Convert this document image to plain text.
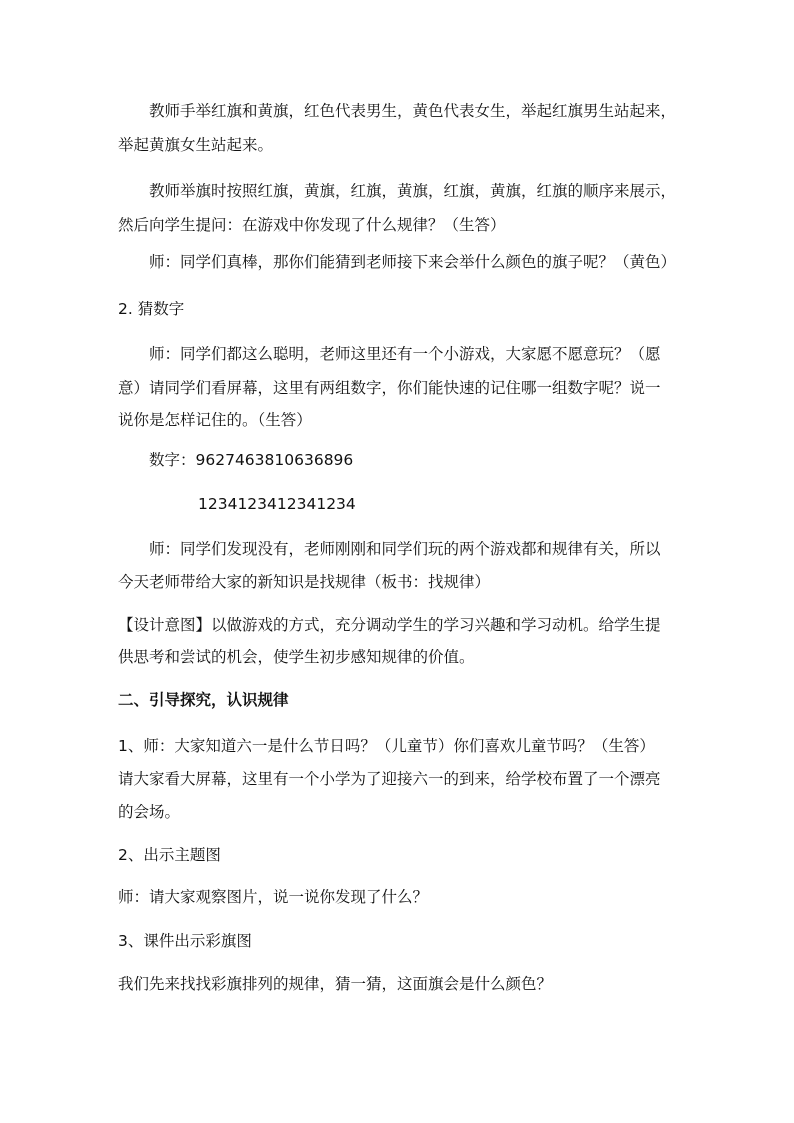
教师手举红旗和黄旗，红色代表男生，黄色代表女生，举起红旗男生站起来，
举起黄旗女生站起来。
教师举旗时按照红旗，黄旗，红旗，黄旗，红旗，黄旗，红旗的顺序来展示，
然后向学生提问：在游戏中你发现了什么规律？（生答）
师：同学们真棒，那你们能猜到老师接下来会举什么颜色的旗子呢？（黄色）
2. 猜数字
师：同学们都这么聪明，老师这里还有一个小游戏，大家愿不愿意玩？（愿
意）请同学们看屏幕，这里有两组数字，你们能快速的记住哪一组数字呢？说一
说你是怎样记住的。（生答）
数字：9627463810636896
1234123412341234
师：同学们发现没有，老师刚刚和同学们玩的两个游戏都和规律有关，所以
今天老师带给大家的新知识是找规律（板书：找规律）
【设计意图】以做游戏的方式，充分调动学生的学习兴趣和学习动机。给学生提
供思考和尝试的机会，使学生初步感知规律的价值。
二、引导探究，认识规律
1、师：大家知道六一是什么节日吗？（儿童节）你们喜欢儿童节吗？（生答）
请大家看大屏幕，这里有一个小学为了迎接六一的到来，给学校布置了一个漂亮
的会场。
2、出示主题图
师：请大家观察图片，说一说你发现了什么？
3、课件出示彩旗图
我们先来找找彩旗排列的规律，猜一猜，这面旗会是什么颜色？
